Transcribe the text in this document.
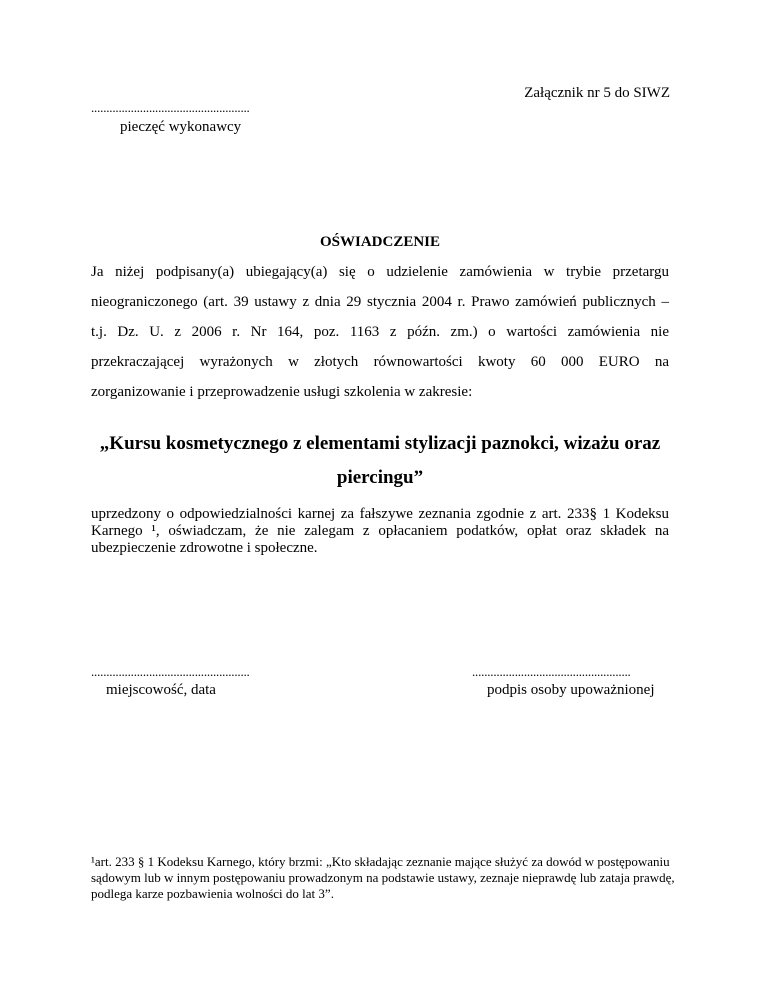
Załącznik nr 5 do SIWZ
....................................................
pieczęć wykonawcy
OŚWIADCZENIE
Ja niżej podpisany(a) ubiegający(a) się o udzielenie zamówienia w trybie przetargu
nieograniczonego (art. 39 ustawy z dnia 29 stycznia 2004 r. Prawo zamówień publicznych –
t.j. Dz. U. z 2006 r. Nr 164, poz. 1163 z późn. zm.) o wartości zamówienia nie
przekraczającej wyrażonych w złotych równowartości kwoty 60 000 EURO na
zorganizowanie i przeprowadzenie usługi szkolenia w zakresie:
„Kursu kosmetycznego z elementami stylizacji paznokci, wizażu oraz
piercingu”
uprzedzony o odpowiedzialności karnej za fałszywe zeznania zgodnie z art. 233§ 1 Kodeksu
Karnego ¹, oświadczam, że nie zalegam z opłacaniem podatków, opłat oraz składek na
ubezpieczenie zdrowotne i społeczne.
....................................................
miejscowość, data
....................................................
podpis osoby upoważnionej
¹art. 233 § 1 Kodeksu Karnego, który brzmi: „Kto składając zeznanie mające służyć za dowód w postępowaniu
sądowym lub w innym postępowaniu prowadzonym na podstawie ustawy, zeznaje nieprawdę lub zataja prawdę,
podlega karze pozbawienia wolności do lat 3”.
